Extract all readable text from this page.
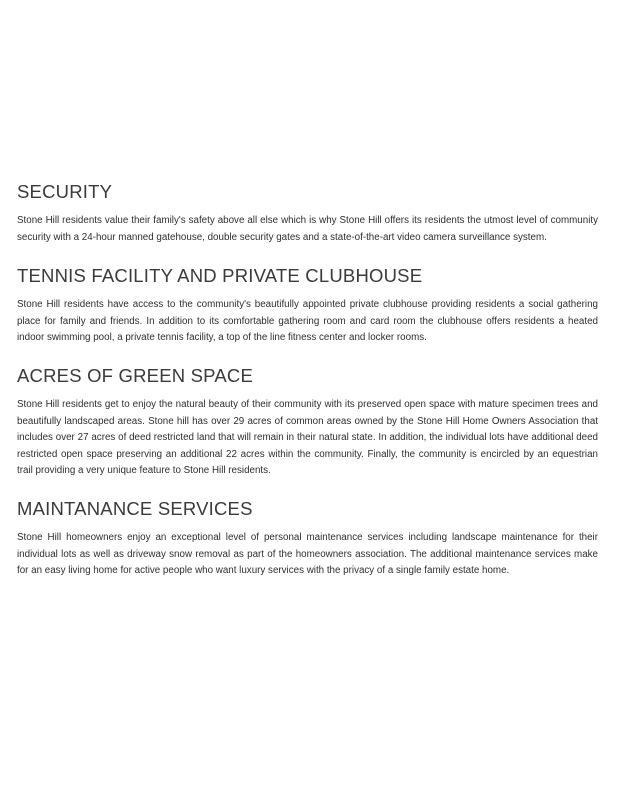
SECURITY

Stone Hill residents value their family's safety above all else which is why Stone Hill offers its residents the utmost level of community security with a 24-hour manned gatehouse, double security gates and a state-of-the-art video camera surveillance system.

TENNIS FACILITY AND PRIVATE CLUBHOUSE

Stone Hill residents have access to the community's beautifully appointed private clubhouse providing residents a social gathering place for family and friends. In addition to its comfortable gathering room and card room the clubhouse offers residents a heated indoor swimming pool, a private tennis facility, a top of the line fitness center and locker rooms.

ACRES OF GREEN SPACE

Stone Hill residents get to enjoy the natural beauty of their community with its preserved open space with mature specimen trees and beautifully landscaped areas. Stone hill has over 29 acres of common areas owned by the Stone Hill Home Owners Association that includes over 27 acres of deed restricted land that will remain in their natural state. In addition, the individual lots have additional deed restricted open space preserving an additional 22 acres within the community. Finally, the community is encircled by an equestrian trail providing a very unique feature to Stone Hill residents.

MAINTANANCE SERVICES

Stone Hill homeowners enjoy an exceptional level of personal maintenance services including landscape maintenance for their individual lots as well as driveway snow removal as part of the homeowners association. The additional maintenance services make for an easy living home for active people who want luxury services with the privacy of a single family estate home.
